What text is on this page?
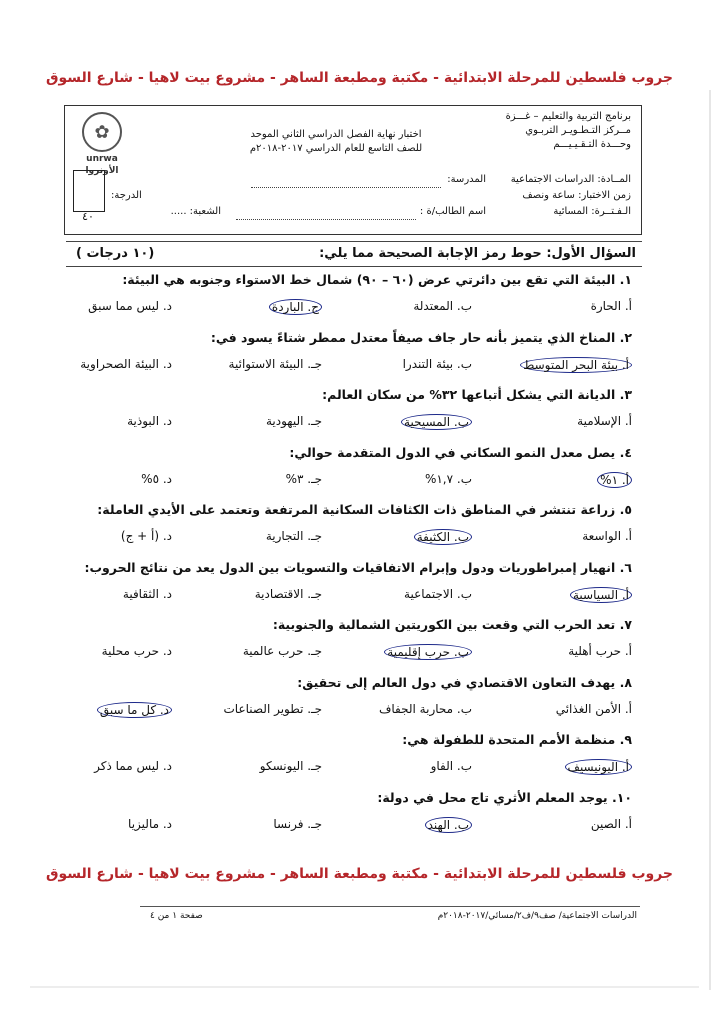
جروب فلسطين للمرحلة الابتدائية - مكتبة ومطبعة الساهر - مشروع بيت لاهيا - شارع السوق
برنامج التربية والتعليم – غـــزة
مــركز التـطـويـر التربـوي
وحـــدة التـقـيـيـــم
اختبار نهاية الفصل الدراسي الثاني الموحد
للصف التاسع للعام الدراسي ٢٠١٧-٢٠١٨م
✿
unrwa
الأونروا
المــادة: الدراسات الاجتماعية
زمن الاختبار: ساعة ونصف
الـفـتــرة: المسائية
المدرسة:
اسم الطالب/ة :
الشعبة: .....
الدرجة:
٤٠
السؤال الأول: حوط رمز الإجابة الصحيحة مما يلي:
(١٠ درجات )
١. البيئة التي تقع بين دائرتي عرض (٦٠ – ٩٠) شمال خط الاستواء وجنوبه هي البيئة:
أ. الحارة
ب. المعتدلة
ج. الباردة
د. ليس مما سبق
٢. المناخ الذي يتميز بأنه حار جاف صيفاً معتدل ممطر شتاءً يسود في:
أ. بيئة البحر المتوسط
ب. بيئة التندرا
جـ. البيئة الاستوائية
د. البيئة الصحراوية
٣. الديانة التي يشكل أتباعها ٣٢% من سكان العالم:
أ. الإسلامية
ب. المسيحية
جـ. اليهودية
د. البوذية
٤. يصل معدل النمو السكاني في الدول المتقدمة حوالي:
أ. ١%
ب. ١,٧%
جـ. ٣%
د. ٥%
٥. زراعة تنتشر في المناطق ذات الكثافات السكانية المرتفعة وتعتمد على الأيدي العاملة:
أ. الواسعة
ب. الكثيفة
جـ. التجارية
د. (أ + ج)
٦. انهيار إمبراطوريات ودول وإبرام الاتفاقيات والتسويات بين الدول يعد من نتائج الحروب:
أ. السياسية
ب. الاجتماعية
جـ. الاقتصادية
د. الثقافية
٧. تعد الحرب التي وقعت بين الكوريتين الشمالية والجنوبية:
أ. حرب أهلية
ب. حرب إقليمية
جـ. حرب عالمية
د. حرب محلية
٨. يهدف التعاون الاقتصادي في دول العالم إلى تحقيق:
أ. الأمن الغذائي
ب. محاربة الجفاف
جـ. تطوير الصناعات
د. كل ما سبق
٩. منظمة الأمم المتحدة للطفولة هي:
أ. اليونيسيف
ب. الفاو
جـ. اليونسكو
د. ليس مما ذكر
١٠. يوجد المعلم الأثري تاج محل في دولة:
أ. الصين
ب. الهند
جـ. فرنسا
د. ماليزيا
جروب فلسطين للمرحلة الابتدائية - مكتبة ومطبعة الساهر - مشروع بيت لاهيا - شارع السوق
صفحة ١ من ٤	الدراسات الاجتماعية/ صف٩/ف٢/مسائي/٢٠١٧-٢٠١٨م
